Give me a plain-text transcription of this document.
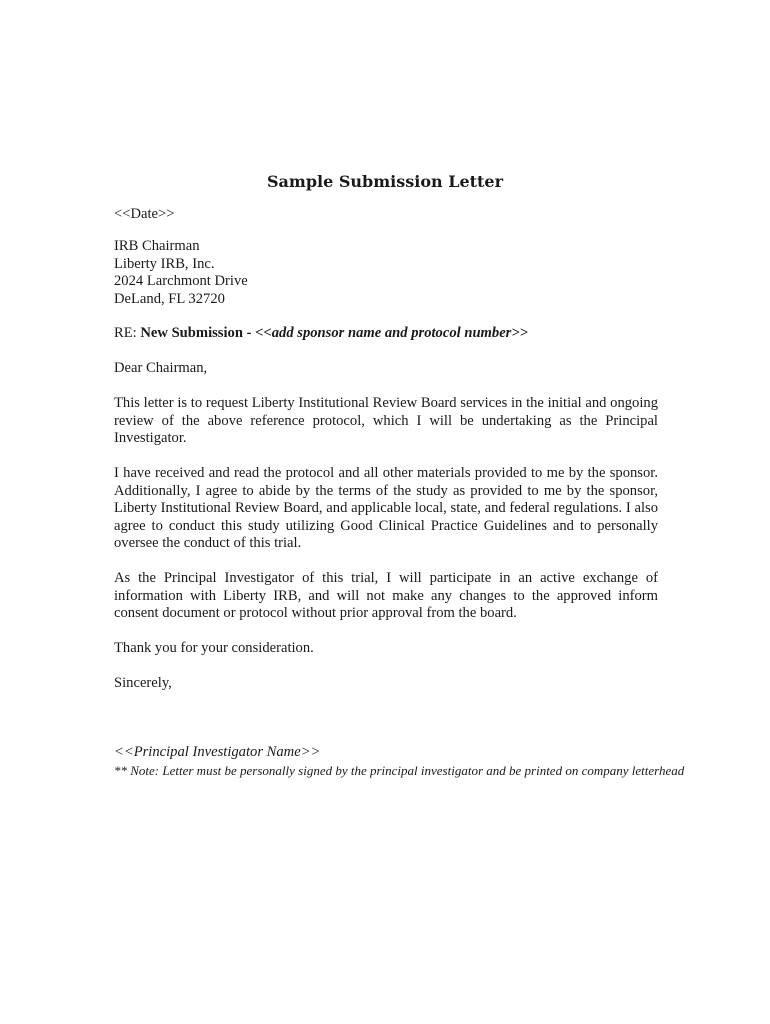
Sample Submission Letter
<<Date>>
IRB Chairman
Liberty IRB, Inc.
2024 Larchmont Drive
DeLand, FL 32720
RE: New Submission - <<add sponsor name and protocol number>>
Dear Chairman,
This letter is to request Liberty Institutional Review Board services in the initial and ongoing review of the above reference protocol, which I will be undertaking as the Principal Investigator.
I have received and read the protocol and all other materials provided to me by the sponsor. Additionally, I agree to abide by the terms of the study as provided to me by the sponsor, Liberty Institutional Review Board, and applicable local, state, and federal regulations. I also agree to conduct this study utilizing Good Clinical Practice Guidelines and to personally oversee the conduct of this trial.
As the Principal Investigator of this trial, I will participate in an active exchange of information with Liberty IRB, and will not make any changes to the approved inform consent document or protocol without prior approval from the board.
Thank you for your consideration.
Sincerely,
<<Principal Investigator Name>>
** Note: Letter must be personally signed by the principal investigator and be printed on company letterhead
